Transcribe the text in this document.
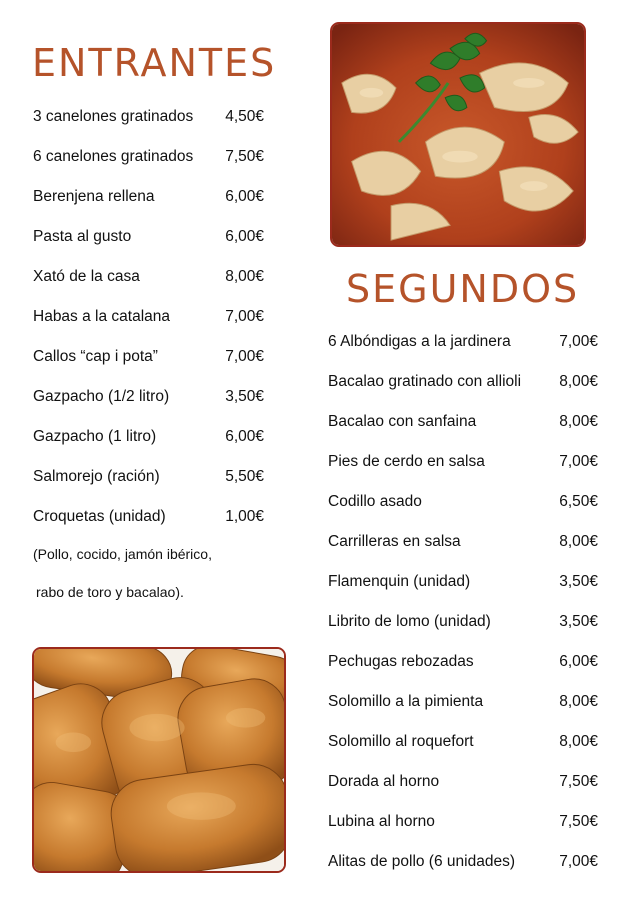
ENTRANTES
3 canelones gratinados 4,50€
6 canelones gratinados 7,50€
Berenjena rellena	6,00€
Pasta al gusto	6,00€
Xató de la casa	8,00€
Habas a la catalana	7,00€
Callos “cap i pota”	7,00€
Gazpacho (1/2 litro)	3,50€
Gazpacho (1 litro)	6,00€
Salmorejo (ración)	5,50€
Croquetas (unidad)	1,00€

(Pollo, cocido, jamón ibérico,

rabo de toro y bacalao).

SEGUNDOS
6 Albóndigas a la jardinera	7,00€
Bacalao gratinado con allioli 8,00€
Bacalao con sanfaina	8,00€
Pies de cerdo en salsa	7,00€
Codillo asado	6,50€
Carrilleras en salsa	8,00€
Flamenquin (unidad)	3,50€
Librito de lomo (unidad)	3,50€
Pechugas rebozadas	6,00€
Solomillo a la pimienta	8,00€
Solomillo al roquefort	8,00€
Dorada al horno	7,50€
Lubina al horno	7,50€
Alitas de pollo (6 unidades)	7,00€
